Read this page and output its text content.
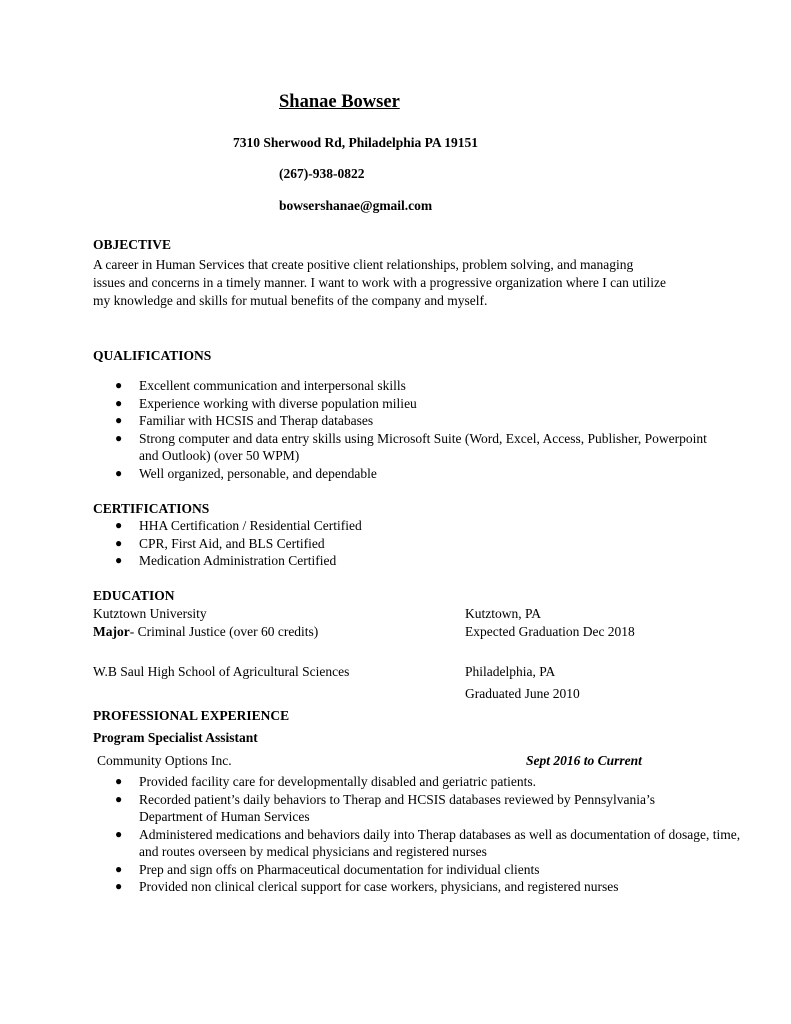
Shanae Bowser
7310 Sherwood Rd, Philadelphia PA 19151
(267)-938-0822
bowsershanae@gmail.com
OBJECTIVE
A career in Human Services that create positive client relationships, problem solving, and managing
issues and concerns in a timely manner. I want to work with a progressive organization where I can utilize
my knowledge and skills for mutual benefits of the company and myself.
QUALIFICATIONS
● Excellent communication and interpersonal skills
● Experience working with diverse population milieu
● Familiar with HCSIS and Therap databases
● Strong computer and data entry skills using Microsoft Suite (Word, Excel, Access, Publisher, Powerpoint and Outlook) (over 50 WPM)
● Well organized, personable, and dependable
CERTIFICATIONS
● HHA Certification / Residential Certified
● CPR, First Aid, and BLS Certified
● Medication Administration Certified
EDUCATION
Kutztown University	Kutztown, PA
Major- Criminal Justice (over 60 credits)	Expected Graduation Dec 2018
W.B Saul High School of Agricultural Sciences	Philadelphia, PA
Graduated June 2010
PROFESSIONAL EXPERIENCE
Program Specialist Assistant
Community Options Inc.	Sept 2016 to Current
● Provided facility care for developmentally disabled and geriatric patients.
● Recorded patient’s daily behaviors to Therap and HCSIS databases reviewed by Pennsylvania’s Department of Human Services
● Administered medications and behaviors daily into Therap databases as well as documentation of dosage, time, and routes overseen by medical physicians and registered nurses
● Prep and sign offs on Pharmaceutical documentation for individual clients
● Provided non clinical clerical support for case workers, physicians, and registered nurses
